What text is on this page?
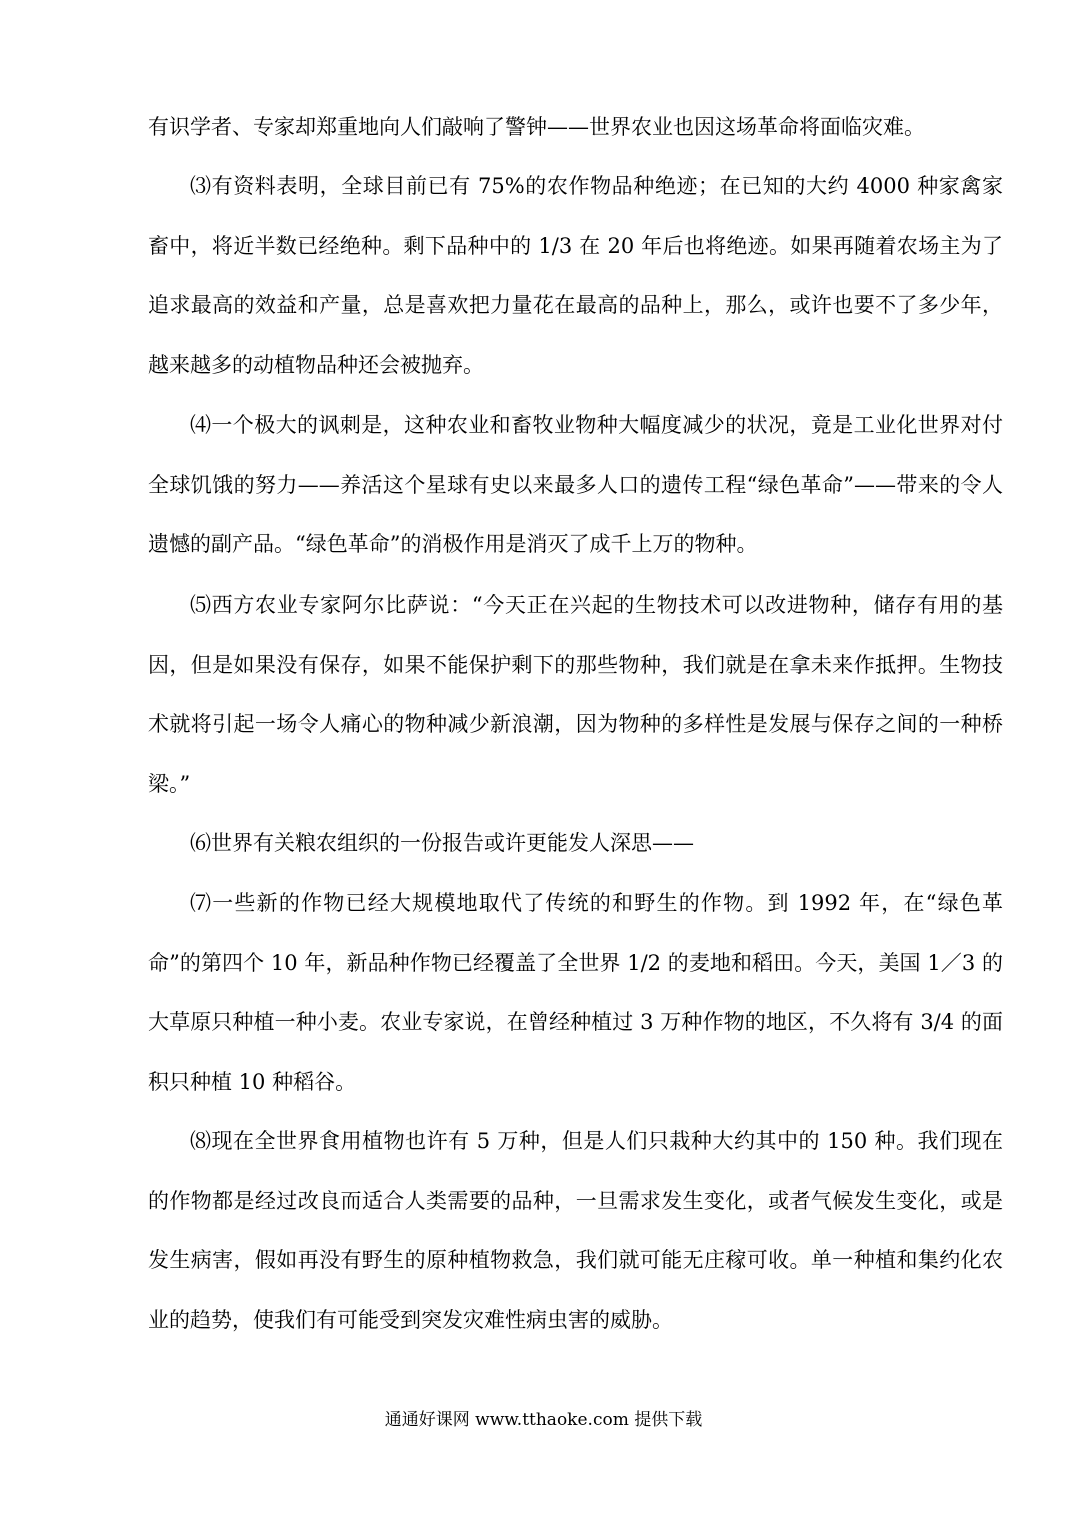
有识学者、专家却郑重地向人们敲响了警钟——世界农业也因这场革命将面临灾难。

⑶有资料表明，全球目前已有 75%的农作物品种绝迹；在已知的大约 4000 种家禽家畜中，将近半数已经绝种。剩下品种中的 1/3 在 20 年后也将绝迹。如果再随着农场主为了追求最高的效益和产量，总是喜欢把力量花在最高的品种上，那么，或许也要不了多少年，越来越多的动植物品种还会被抛弃。

⑷一个极大的讽刺是，这种农业和畜牧业物种大幅度减少的状况，竟是工业化世界对付全球饥饿的努力——养活这个星球有史以来最多人口的遗传工程“绿色革命”——带来的令人遗憾的副产品。“绿色革命”的消极作用是消灭了成千上万的物种。

⑸西方农业专家阿尔比萨说：“今天正在兴起的生物技术可以改进物种，储存有用的基因，但是如果没有保存，如果不能保护剩下的那些物种，我们就是在拿未来作抵押。生物技术就将引起一场令人痛心的物种减少新浪潮，因为物种的多样性是发展与保存之间的一种桥梁。”

⑹世界有关粮农组织的一份报告或许更能发人深思——

⑺一些新的作物已经大规模地取代了传统的和野生的作物。到 1992 年，在“绿色革命”的第四个 10 年，新品种作物已经覆盖了全世界 1/2 的麦地和稻田。今天，美国 1／3 的大草原只种植一种小麦。农业专家说，在曾经种植过 3 万种作物的地区，不久将有 3/4 的面积只种植 10 种稻谷。

⑻现在全世界食用植物也许有 5 万种，但是人们只栽种大约其中的 150 种。我们现在的作物都是经过改良而适合人类需要的品种，一旦需求发生变化，或者气候发生变化，或是发生病害，假如再没有野生的原种植物救急，我们就可能无庄稼可收。单一种植和集约化农业的趋势，使我们有可能受到突发灾难性病虫害的威胁。

通通好课网 www.tthaoke.com 提供下载
